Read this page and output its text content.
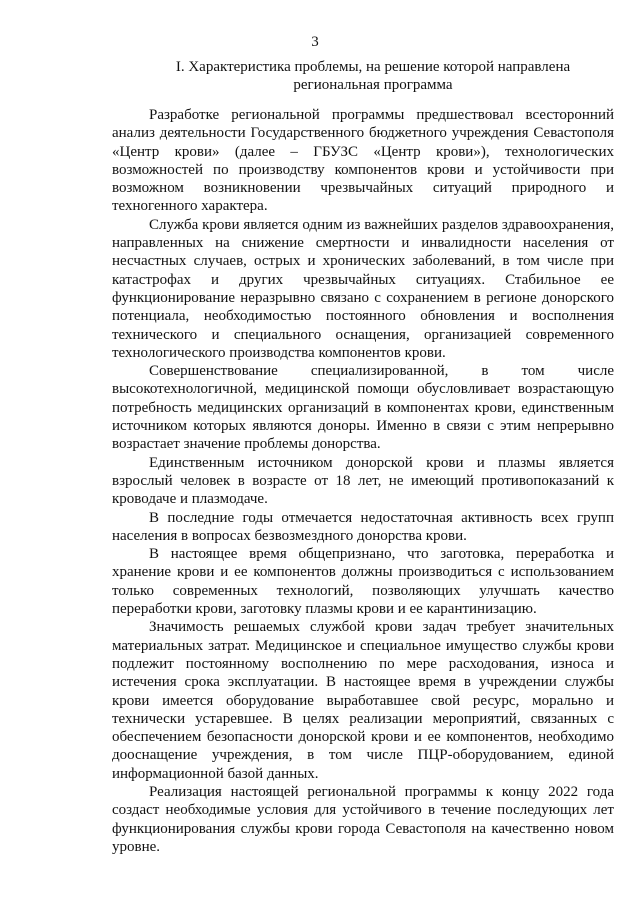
3
I. Характеристика проблемы, на решение которой направлена
региональная программа

Разработке региональной программы предшествовал всесторонний анализ деятельности Государственного бюджетного учреждения Севастополя «Центр крови» (далее – ГБУЗС «Центр крови»), технологических возможностей по производству компонентов крови и устойчивости при возможном возникновении чрезвычайных ситуаций природного и техногенного характера.

Служба крови является одним из важнейших разделов здравоохранения, направленных на снижение смертности и инвалидности населения от несчастных случаев, острых и хронических заболеваний, в том числе при катастрофах и других чрезвычайных ситуациях. Стабильное ее функционирование неразрывно связано с сохранением в регионе донорского потенциала, необходимостью постоянного обновления и восполнения технического и специального оснащения, организацией современного технологического производства компонентов крови.

Совершенствование специализированной, в том числе высокотехнологичной, медицинской помощи обусловливает возрастающую потребность медицинских организаций в компонентах крови, единственным источником которых являются доноры. Именно в связи с этим непрерывно возрастает значение проблемы донорства.

Единственным источником донорской крови и плазмы является взрослый человек в возрасте от 18 лет, не имеющий противопоказаний к кроводаче и плазмодаче.

В последние годы отмечается недостаточная активность всех групп населения в вопросах безвозмездного донорства крови.

В настоящее время общепризнано, что заготовка, переработка и хранение крови и ее компонентов должны производиться с использованием только современных технологий, позволяющих улучшать качество переработки крови, заготовку плазмы крови и ее карантинизацию.

Значимость решаемых службой крови задач требует значительных материальных затрат. Медицинское и специальное имущество службы крови подлежит постоянному восполнению по мере расходования, износа и истечения срока эксплуатации. В настоящее время в учреждении службы крови имеется оборудование выработавшее свой ресурс, морально и технически устаревшее. В целях реализации мероприятий, связанных с обеспечением безопасности донорской крови и ее компонентов, необходимо дооснащение учреждения, в том числе ПЦР-оборудованием, единой информационной базой данных.

Реализация настоящей региональной программы к концу 2022 года создаст необходимые условия для устойчивого в течение последующих лет функционирования службы крови города Севастополя на качественно новом уровне.
